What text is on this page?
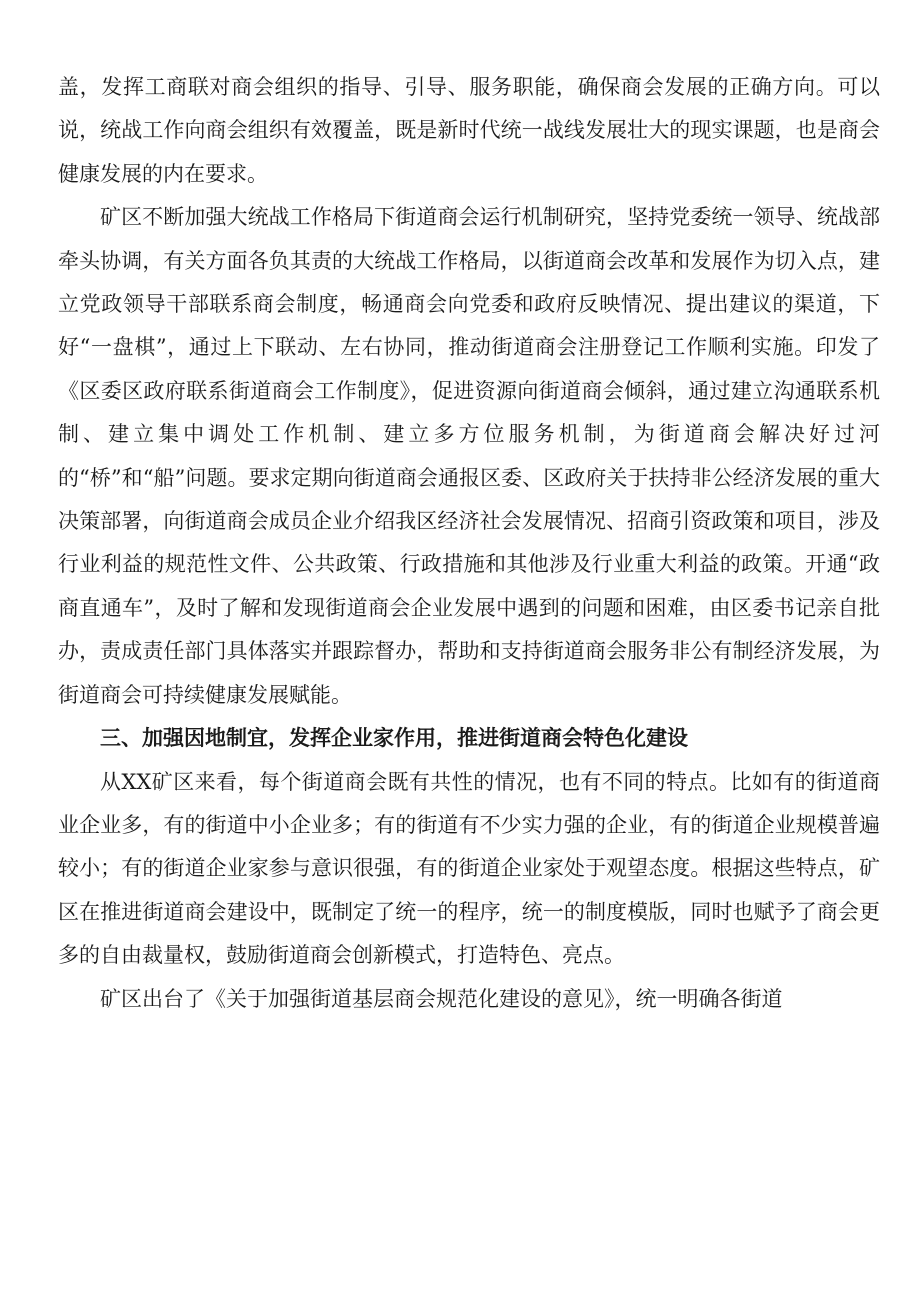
盖，发挥工商联对商会组织的指导、引导、服务职能，确保商会发展的正确方向。可以说，统战工作向商会组织有效覆盖，既是新时代统一战线发展壮大的现实课题，也是商会健康发展的内在要求。

矿区不断加强大统战工作格局下街道商会运行机制研究，坚持党委统一领导、统战部牵头协调，有关方面各负其责的大统战工作格局，以街道商会改革和发展作为切入点，建立党政领导干部联系商会制度，畅通商会向党委和政府反映情况、提出建议的渠道，下好“一盘棋”，通过上下联动、左右协同，推动街道商会注册登记工作顺利实施。印发了《区委区政府联系街道商会工作制度》，促进资源向街道商会倾斜，通过建立沟通联系机制、建立集中调处工作机制、建立多方位服务机制，为街道商会解决好过河的“桥”和“船”问题。要求定期向街道商会通报区委、区政府关于扶持非公经济发展的重大决策部署，向街道商会成员企业介绍我区经济社会发展情况、招商引资政策和项目，涉及行业利益的规范性文件、公共政策、行政措施和其他涉及行业重大利益的政策。开通“政商直通车”，及时了解和发现街道商会企业发展中遇到的问题和困难，由区委书记亲自批办，责成责任部门具体落实并跟踪督办，帮助和支持街道商会服务非公有制经济发展，为街道商会可持续健康发展赋能。

三、加强因地制宜，发挥企业家作用，推进街道商会特色化建设

从XX矿区来看，每个街道商会既有共性的情况，也有不同的特点。比如有的街道商业企业多，有的街道中小企业多；有的街道有不少实力强的企业，有的街道企业规模普遍较小；有的街道企业家参与意识很强，有的街道企业家处于观望态度。根据这些特点，矿区在推进街道商会建设中，既制定了统一的程序，统一的制度模版，同时也赋予了商会更多的自由裁量权，鼓励街道商会创新模式，打造特色、亮点。

矿区出台了《关于加强街道基层商会规范化建设的意见》，统一明确各街道
